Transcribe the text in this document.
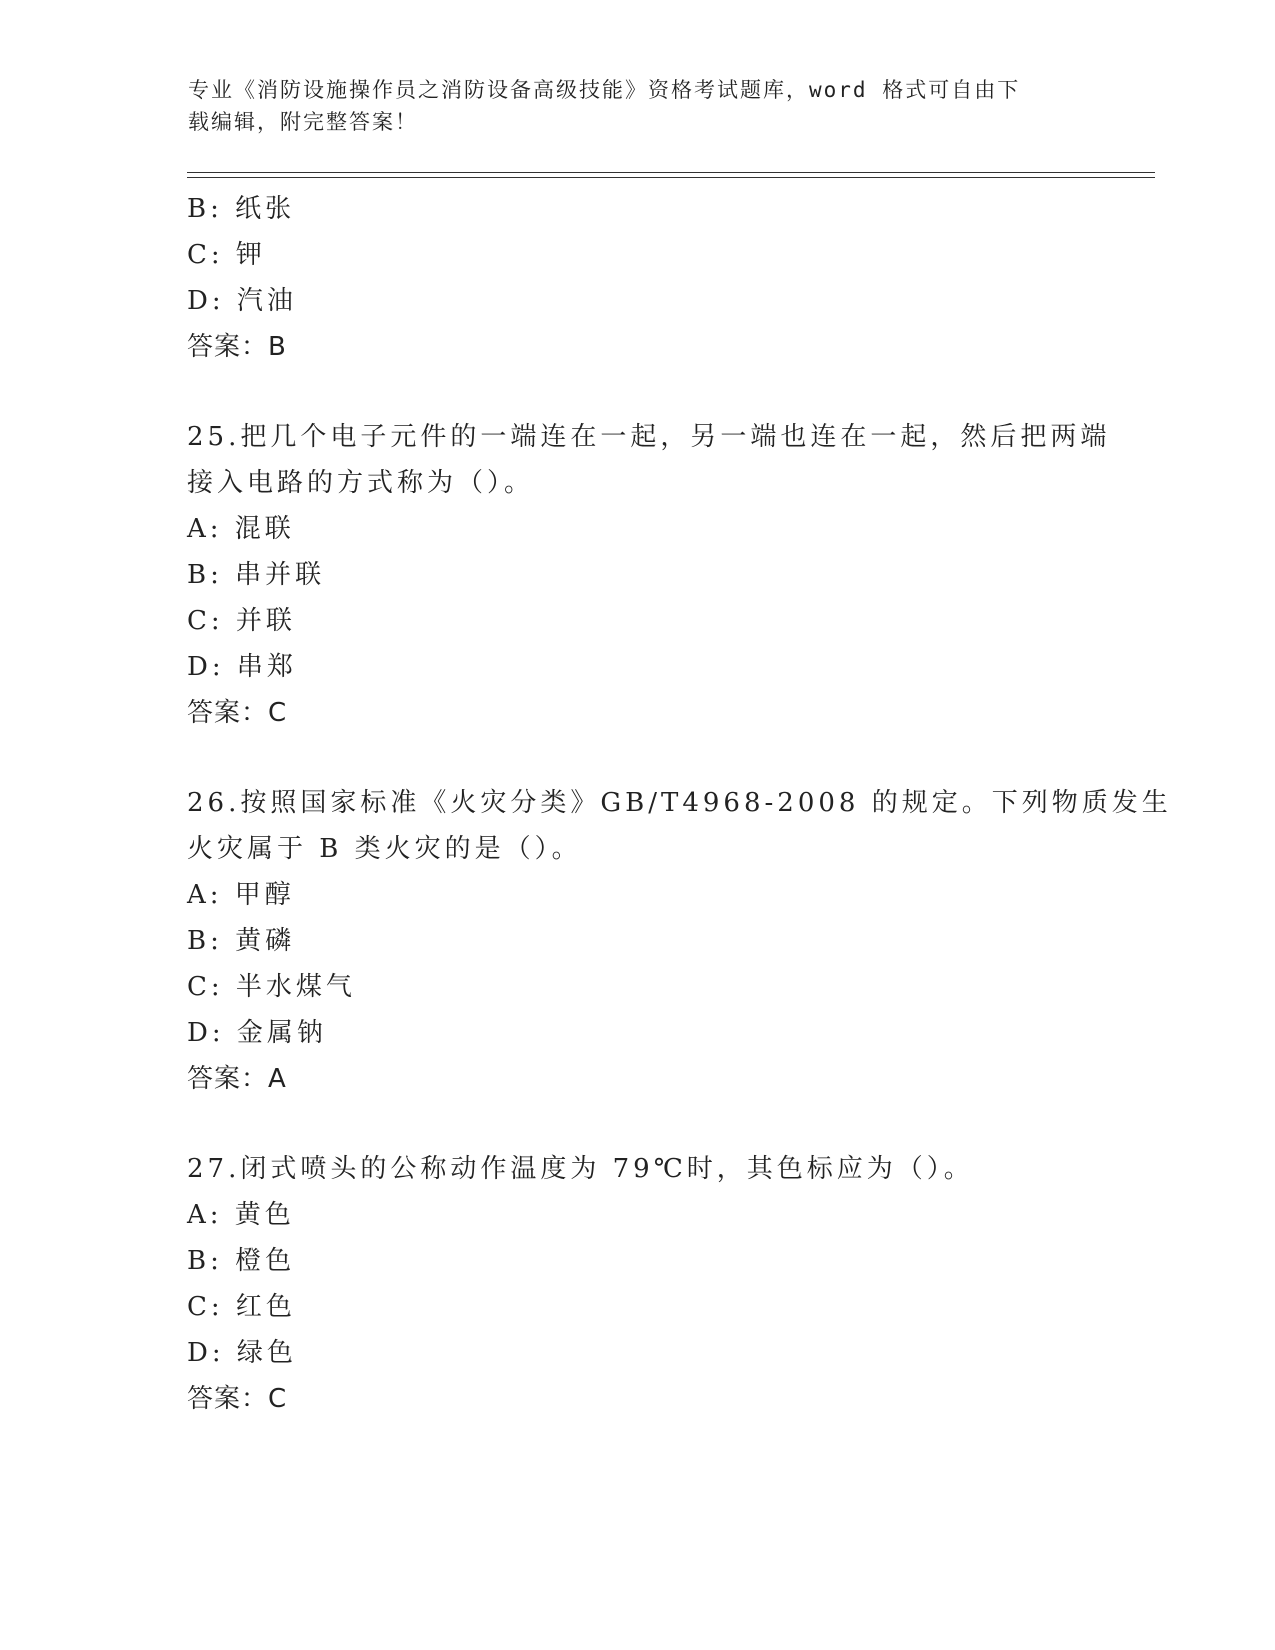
专业《消防设施操作员之消防设备高级技能》资格考试题库，word 格式可自由下
载编辑，附完整答案！
B: 纸张
C: 钾
D: 汽油
答案：B
25.把几个电子元件的一端连在一起，另一端也连在一起，然后把两端
接入电路的方式称为（）。
A: 混联
B: 串并联
C: 并联
D: 串郑
答案：C
26.按照国家标准《火灾分类》GB/T4968-2008 的规定。下列物质发生
火灾属于 B 类火灾的是（）。
A: 甲醇
B: 黄磷
C: 半水煤气
D: 金属钠
答案：A
27.闭式喷头的公称动作温度为 79℃时，其色标应为（）。
A: 黄色
B: 橙色
C: 红色
D: 绿色
答案：C
